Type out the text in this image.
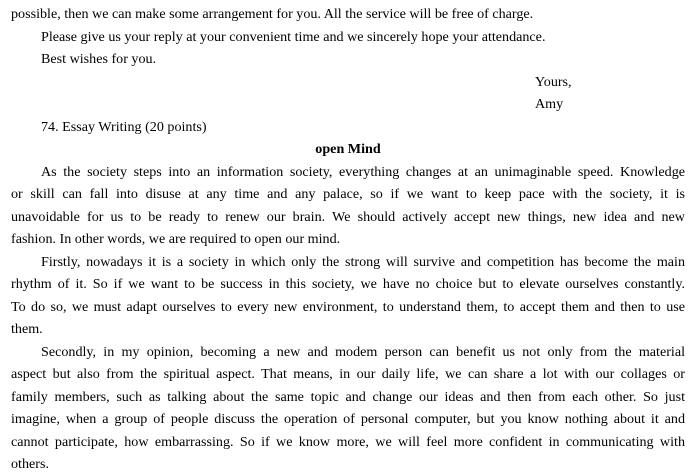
possible, then we can make some arrangement for you. All the service will be free of charge.
Please give us your reply at your convenient time and we sincerely hope your attendance.
Best wishes for you.
Yours,
Amy
74. Essay Writing (20 points)
open Mind
As the society steps into an information society, everything changes at an unimaginable speed. Knowledge
or skill can fall into disuse at any time and any palace, so if we want to keep pace with the society, it is
unavoidable for us to be ready to renew our brain. We should actively accept new things, new idea and new
fashion. In other words, we are required to open our mind.
Firstly, nowadays it is a society in which only the strong will survive and competition has become the main
rhythm of it. So if we want to be success in this society, we have no choice but to elevate ourselves constantly.
To do so, we must adapt ourselves to every new environment, to understand them, to accept them and then to use
them.
Secondly, in my opinion, becoming a new and modem person can benefit us not only from the material
aspect but also from the spiritual aspect. That means, in our daily life, we can share a lot with our collages or
family members, such as talking about the same topic and change our ideas and then from each other. So just
imagine, when a group of people discuss the operation of personal computer, but you know nothing about it and
cannot participate, how embarrassing. So if we know more, we will feel more confident in communicating with
others.
